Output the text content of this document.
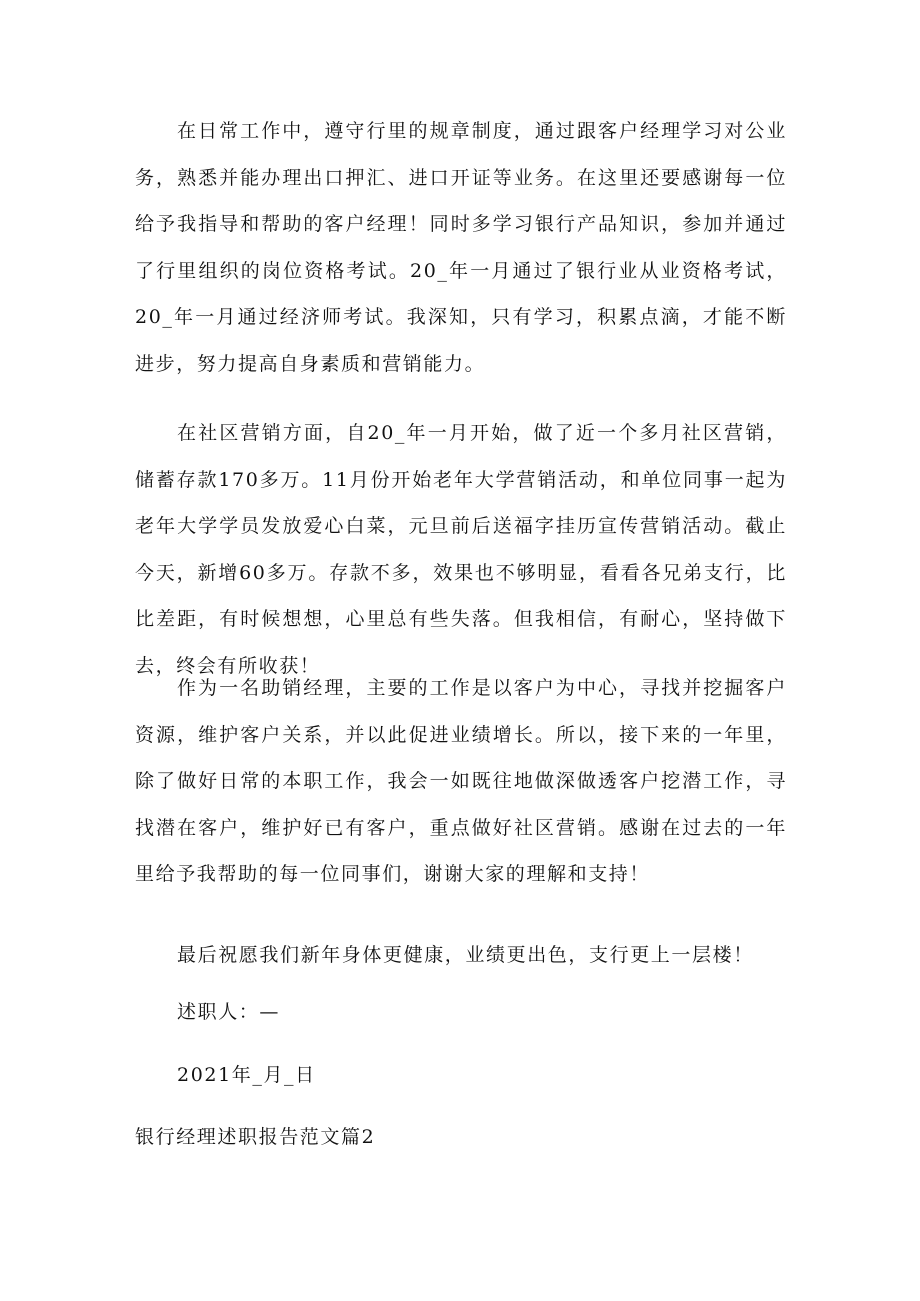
在日常工作中，遵守行里的规章制度，通过跟客户经理学习对公业务，熟悉并能办理出口押汇、进口开证等业务。在这里还要感谢每一位给予我指导和帮助的客户经理！同时多学习银行产品知识，参加并通过了行里组织的岗位资格考试。20_年一月通过了银行业从业资格考试，20_年一月通过经济师考试。我深知，只有学习，积累点滴，才能不断进步，努力提高自身素质和营销能力。

在社区营销方面，自20_年一月开始，做了近一个多月社区营销，储蓄存款170多万。11月份开始老年大学营销活动，和单位同事一起为老年大学学员发放爱心白菜，元旦前后送福字挂历宣传营销活动。截止今天，新增60多万。存款不多，效果也不够明显，看看各兄弟支行，比比差距，有时候想想，心里总有些失落。但我相信，有耐心，坚持做下去，终会有所收获！

作为一名助销经理，主要的工作是以客户为中心，寻找并挖掘客户资源，维护客户关系，并以此促进业绩增长。所以，接下来的一年里，除了做好日常的本职工作，我会一如既往地做深做透客户挖潜工作，寻找潜在客户，维护好已有客户，重点做好社区营销。感谢在过去的一年里给予我帮助的每一位同事们，谢谢大家的理解和支持！

最后祝愿我们新年身体更健康，业绩更出色，支行更上一层楼！

述职人：—

2021年_月_日

银行经理述职报告范文篇2
